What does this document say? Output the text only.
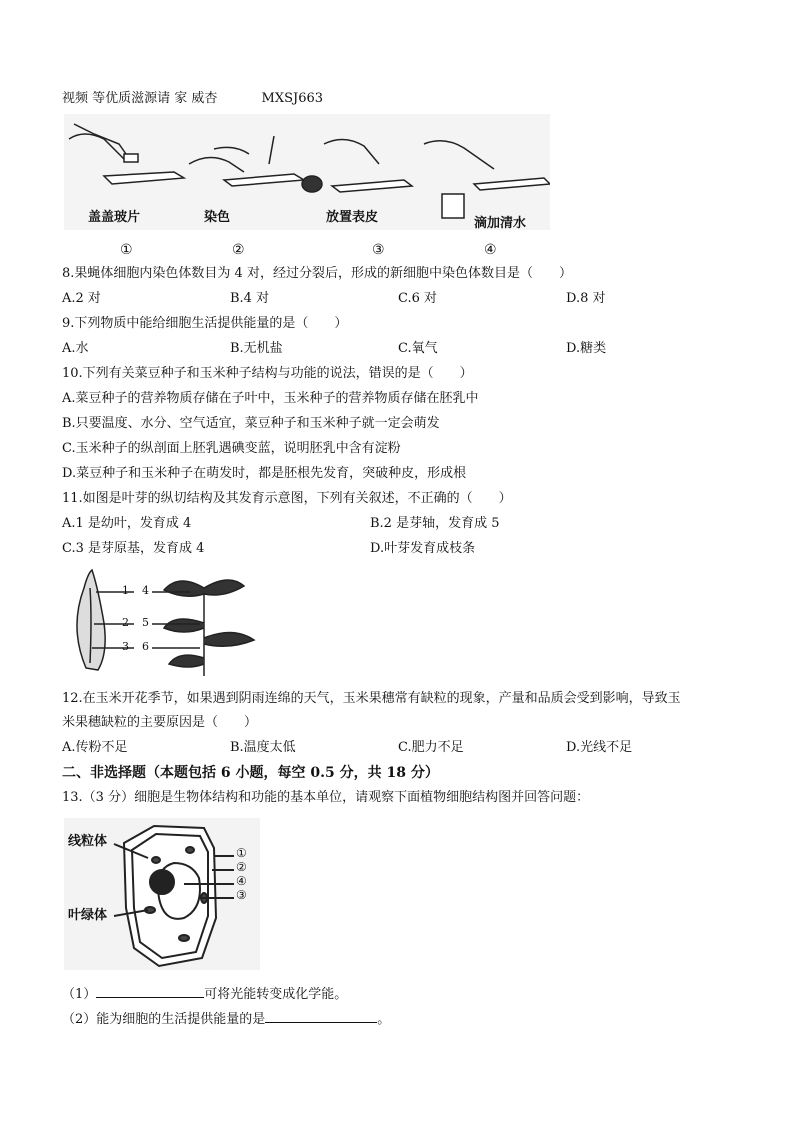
视频 等优质滋源请 家 威杏	MXSJ663
盖盖玻片	染色	放置表皮	滴加清水
①	②	③	④
8.果蝇体细胞内染色体数目为 4 对，经过分裂后，形成的新细胞中染色体数目是（　　）
A.2 对	B.4 对	C.6 对	D.8 对
9.下列物质中能给细胞生活提供能量的是（　　）
A.水	B.无机盐	C.氧气	D.糖类
10.下列有关菜豆种子和玉米种子结构与功能的说法，错误的是（　　）
A.菜豆种子的营养物质存储在子叶中，玉米种子的营养物质存储在胚乳中
B.只要温度、水分、空气适宜，菜豆种子和玉米种子就一定会萌发
C.玉米种子的纵剖面上胚乳遇碘变蓝，说明胚乳中含有淀粉
D.菜豆种子和玉米种子在萌发时，都是胚根先发育，突破种皮，形成根
11.如图是叶芽的纵切结构及其发育示意图，下列有关叙述，不正确的（　　）
A.1 是幼叶，发育成 4	B.2 是芽轴，发育成 5
C.3 是芽原基，发育成 4	D.叶芽发育成枝条
1
2
3
4
5
6
12.在玉米开花季节，如果遇到阴雨连绵的天气，玉米果穗常有缺粒的现象，产量和品质会受到影响，导致玉
米果穗缺粒的主要原因是（　　）
A.传粉不足	B.温度太低	C.肥力不足	D.光线不足
二、非选择题（本题包括 6 小题，每空 0.5 分，共 18 分）
13.（3 分）细胞是生物体结构和功能的基本单位，请观察下面植物细胞结构图并回答问题：
线粒体
叶绿体
①
②
④
③
（1）	可将光能转变成化学能。
（2）能为细胞的生活提供能量的是	。
